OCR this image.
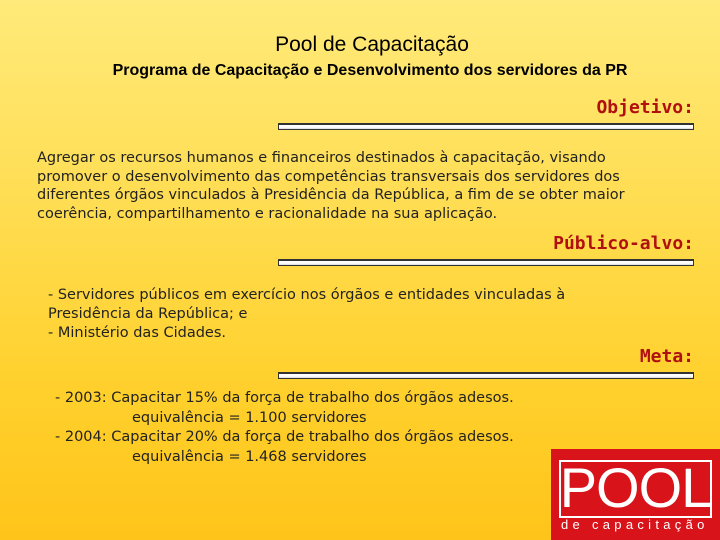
Pool de Capacitação
Programa de Capacitação e Desenvolvimento dos servidores da PR
Objetivo:
Agregar os recursos humanos e financeiros destinados à capacitação, visando
promover o desenvolvimento das competências transversais dos servidores dos
diferentes órgãos vinculados à Presidência da República, a fim de se obter maior
coerência, compartilhamento e racionalidade na sua aplicação.
Público-alvo:
- Servidores públicos em exercício nos órgãos e entidades vinculadas à
Presidência da República; e
- Ministério das Cidades.
Meta:
- 2003: Capacitar 15% da força de trabalho dos órgãos adesos.
equivalência = 1.100 servidores
- 2004: Capacitar 20% da força de trabalho dos órgãos adesos.
equivalência = 1.468 servidores	POOL
de capacitação
